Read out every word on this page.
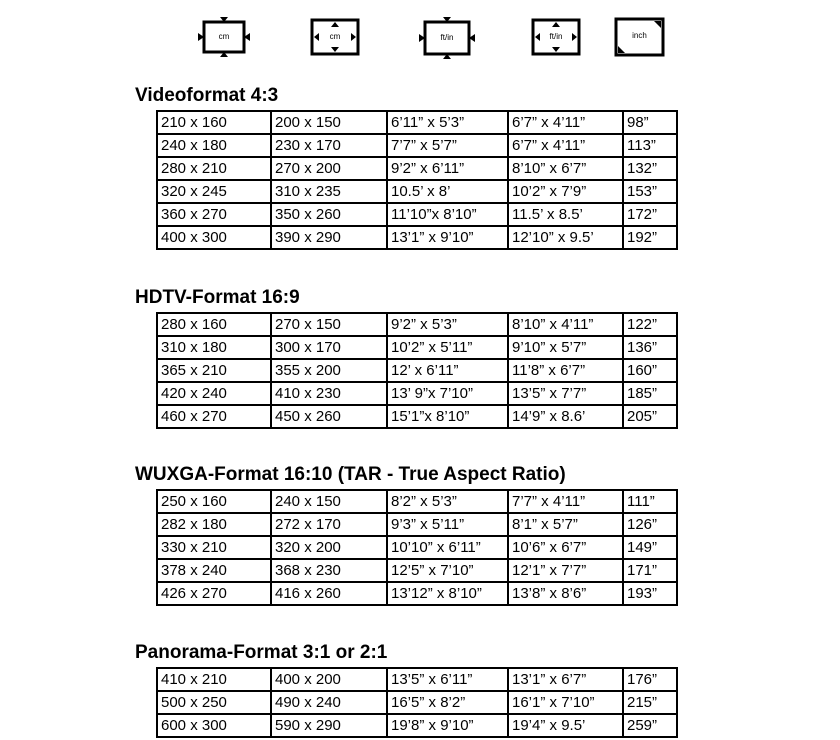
cm	cm	ft/in	ft/in	inch
Videoformat 4:3
210 x 160	200 x 150	6’11” x 5’3”	6’7” x 4’11”	98”
240 x 180	230 x 170	7’7” x 5’7”	6’7” x 4’11”	113”
280 x 210	270 x 200	9’2” x 6’11”	8’10” x 6’7”	132”
320 x 245	310 x 235	10.5’ x 8’	10’2” x 7’9”	153”
360 x 270	350 x 260	11’10”x 8’10”	11.5’ x 8.5’	172”
400 x 300	390 x 290	13’1” x 9’10”	12’10” x 9.5’	192”
HDTV-Format 16:9
280 x 160	270 x 150	9’2” x 5’3”	8’10” x 4’11”	122”
310 x 180	300 x 170	10’2” x 5’11”	9’10” x 5’7”	136”
365 x 210	355 x 200	12’ x 6’11”	11’8” x 6’7”	160”
420 x 240	410 x 230	13’ 9”x 7’10”	13’5” x 7’7”	185”
460 x 270	450 x 260	15’1”x 8’10”	14’9” x 8.6’	205”
WUXGA-Format 16:10 (TAR - True Aspect Ratio)
250 x 160	240 x 150	8’2” x 5’3”	7’7” x 4’11”	111”
282 x 180	272 x 170	9’3” x 5’11”	8’1” x 5’7”	126”
330 x 210	320 x 200	10’10” x 6’11”	10’6” x 6’7”	149”
378 x 240	368 x 230	12’5” x 7’10”	12’1” x 7’7”	171”
426 x 270	416 x 260	13’12” x 8’10”	13’8” x 8’6”	193”
Panorama-Format 3:1 or 2:1
410 x 210	400 x 200	13’5” x 6’11”	13’1” x 6’7”	176”
500 x 250	490 x 240	16’5” x 8’2”	16’1” x 7’10”	215”
600 x 300	590 x 290	19’8” x 9’10”	19’4” x 9.5’	259”
